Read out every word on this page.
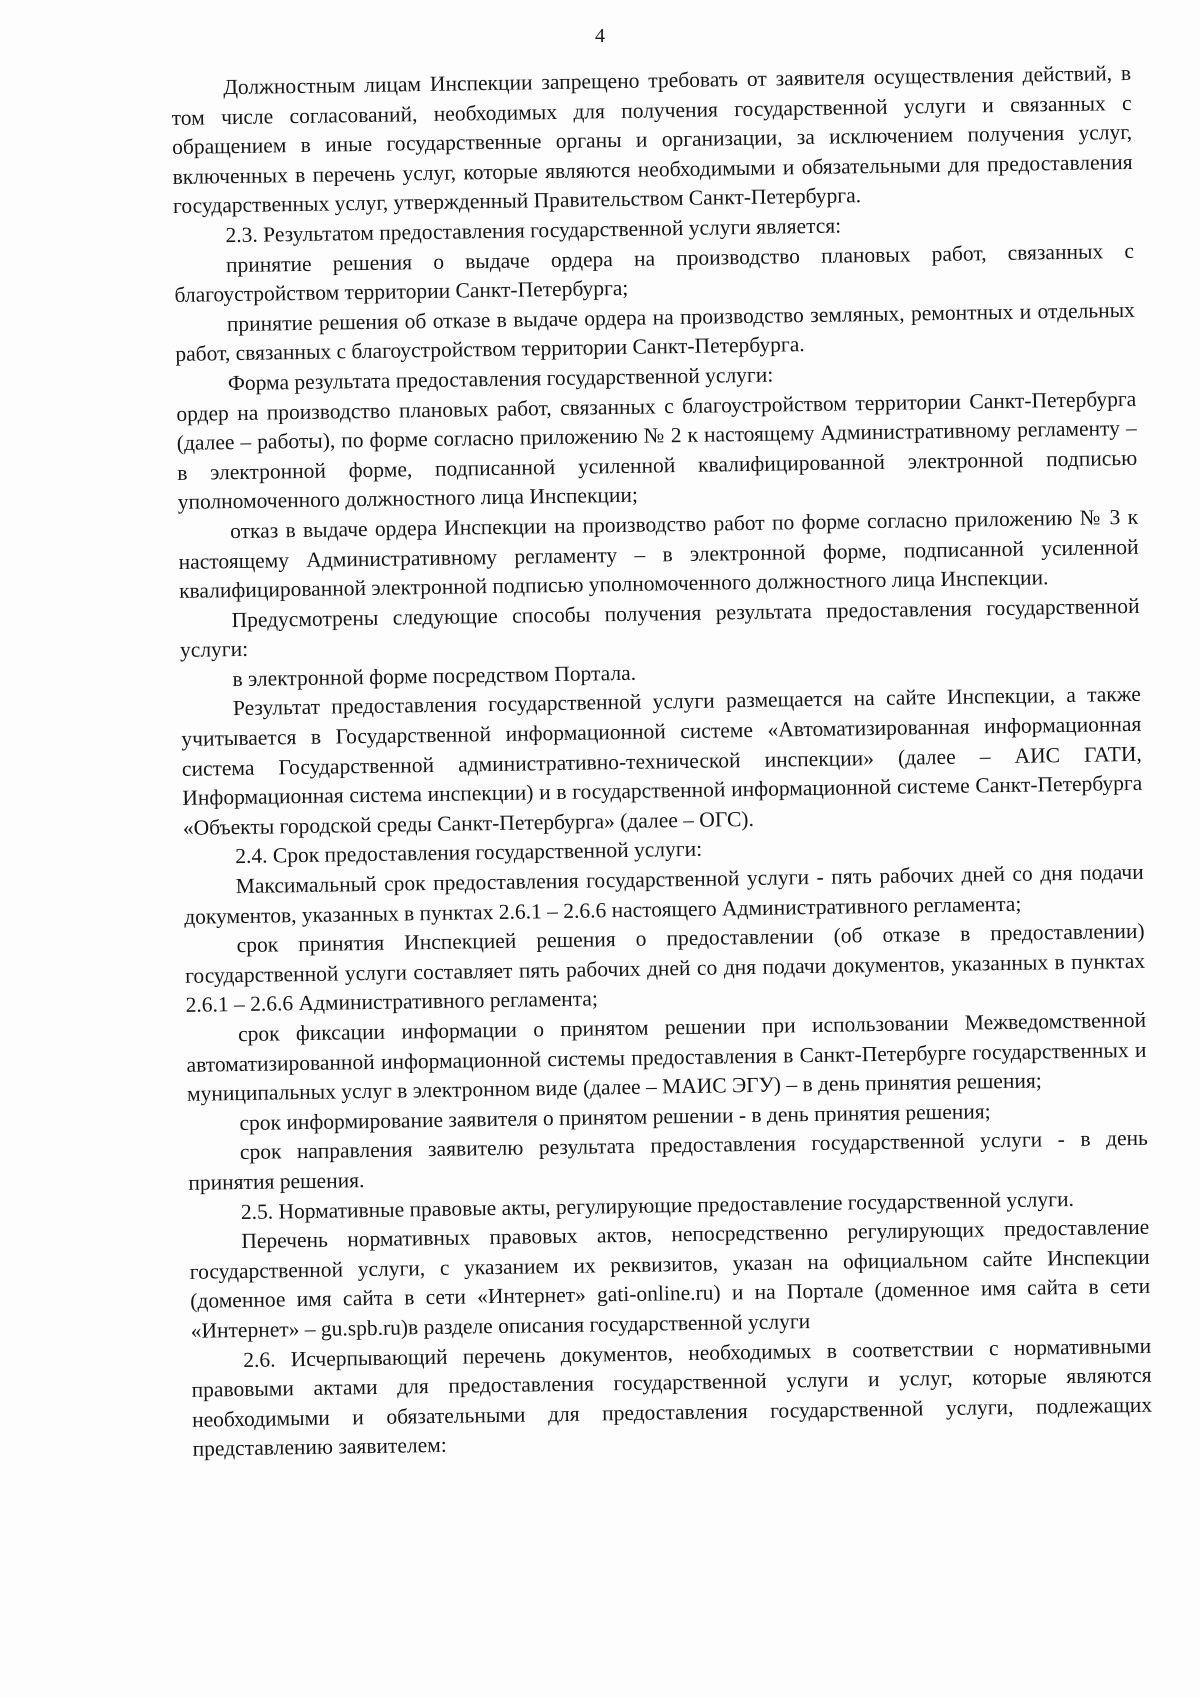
4

Должностным лицам Инспекции запрещено требовать от заявителя осуществления действий, в том числе согласований, необходимых для получения государственной услуги и связанных с обращением в иные государственные органы и организации, за исключением получения услуг, включенных в перечень услуг, которые являются необходимыми и обязательными для предоставления государственных услуг, утвержденный Правительством Санкт-Петербурга.

2.3. Результатом предоставления государственной услуги является:

принятие решения о выдаче ордера на производство плановых работ, связанных с благоустройством территории Санкт-Петербурга;

принятие решения об отказе в выдаче ордера на производство земляных, ремонтных и отдельных работ, связанных с благоустройством территории Санкт-Петербурга.

Форма результата предоставления государственной услуги:

ордер на производство плановых работ, связанных с благоустройством территории Санкт-Петербурга (далее – работы), по форме согласно приложению № 2 к настоящему Административному регламенту – в электронной форме, подписанной усиленной квалифицированной электронной подписью уполномоченного должностного лица Инспекции;

отказ в выдаче ордера Инспекции на производство работ по форме согласно приложению № 3 к настоящему Административному регламенту – в электронной форме, подписанной усиленной квалифицированной электронной подписью уполномоченного должностного лица Инспекции.

Предусмотрены следующие способы получения результата предоставления государственной услуги:

в электронной форме посредством Портала.

Результат предоставления государственной услуги размещается на сайте Инспекции, а также учитывается в Государственной информационной системе «Автоматизированная информационная система Государственной административно-технической инспекции» (далее – АИС ГАТИ, Информационная система инспекции) и в государственной информационной системе Санкт-Петербурга «Объекты городской среды Санкт-Петербурга» (далее – ОГС).

2.4. Срок предоставления государственной услуги:

Максимальный срок предоставления государственной услуги - пять рабочих дней со дня подачи документов, указанных в пунктах 2.6.1 – 2.6.6 настоящего Административного регламента;

срок принятия Инспекцией решения о предоставлении (об отказе в предоставлении) государственной услуги составляет пять рабочих дней со дня подачи документов, указанных в пунктах 2.6.1 – 2.6.6 Административного регламента;

срок фиксации информации о принятом решении при использовании Межведомственной автоматизированной информационной системы предоставления в Санкт-Петербурге государственных и муниципальных услуг в электронном виде (далее – МАИС ЭГУ) – в день принятия решения;

срок информирование заявителя о принятом решении - в день принятия решения;

срок направления заявителю результата предоставления государственной услуги - в день принятия решения.

2.5. Нормативные правовые акты, регулирующие предоставление государственной услуги.

Перечень нормативных правовых актов, непосредственно регулирующих предоставление государственной услуги, с указанием их реквизитов, указан на официальном сайте Инспекции (доменное имя сайта в сети «Интернет» gati-online.ru) и на Портале (доменное имя сайта в сети «Интернет» – gu.spb.ru)в разделе описания государственной услуги

2.6. Исчерпывающий перечень документов, необходимых в соответствии с нормативными правовыми актами для предоставления государственной услуги и услуг, которые являются необходимыми и обязательными для предоставления государственной услуги, подлежащих представлению заявителем:
